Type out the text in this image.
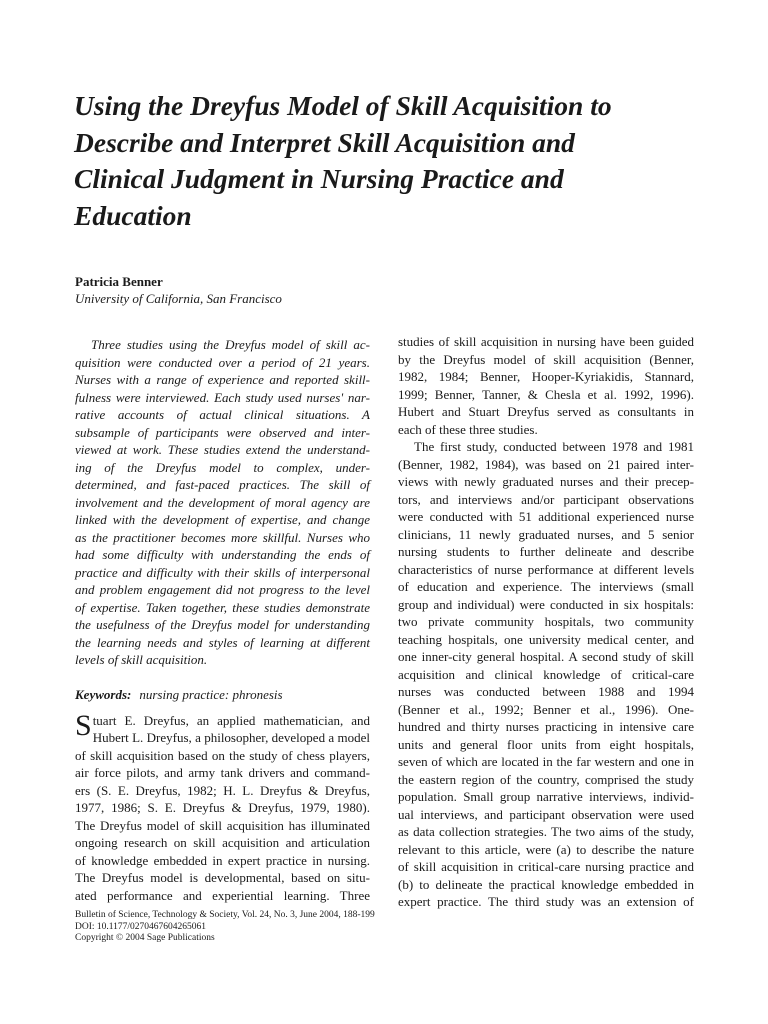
Using the Dreyfus Model of Skill Acquisition to
Describe and Interpret Skill Acquisition and
Clinical Judgment in Nursing Practice and
Education
Patricia Benner
University of California, San Francisco
Three studies using the Dreyfus model of skill ac-
quisition were conducted over a period of 21 years.
Nurses with a range of experience and reported skill-
fulness were interviewed. Each study used nurses' nar-
rative accounts of actual clinical situations. A
subsample of participants were observed and inter-
viewed at work. These studies extend the understand-
ing of the Dreyfus model to complex, under-
determined, and fast-paced practices. The skill of
involvement and the development of moral agency are
linked with the development of expertise, and change
as the practitioner becomes more skillful. Nurses who
had some difficulty with understanding the ends of
practice and difficulty with their skills of interpersonal
and problem engagement did not progress to the level
of expertise. Taken together, these studies demonstrate
the usefulness of the Dreyfus model for understanding
the learning needs and styles of learning at different
levels of skill acquisition.
Keywords: nursing practice: phronesis
Stuart E. Dreyfus, an applied mathematician, and
Hubert L. Dreyfus, a philosopher, developed a model
of skill acquisition based on the study of chess players,
air force pilots, and army tank drivers and command-
ers (S. E. Dreyfus, 1982; H. L. Dreyfus & Dreyfus,
1977, 1986; S. E. Dreyfus & Dreyfus, 1979, 1980).
The Dreyfus model of skill acquisition has illuminated
ongoing research on skill acquisition and articulation
of knowledge embedded in expert practice in nursing.
The Dreyfus model is developmental, based on situ-
ated performance and experiential learning. Three
studies of skill acquisition in nursing have been guided
by the Dreyfus model of skill acquisition (Benner,
1982, 1984; Benner, Hooper-Kyriakidis, Stannard,
1999; Benner, Tanner, & Chesla et al. 1992, 1996).
Hubert and Stuart Dreyfus served as consultants in
each of these three studies.
The first study, conducted between 1978 and 1981
(Benner, 1982, 1984), was based on 21 paired inter-
views with newly graduated nurses and their precep-
tors, and interviews and/or participant observations
were conducted with 51 additional experienced nurse
clinicians, 11 newly graduated nurses, and 5 senior
nursing students to further delineate and describe
characteristics of nurse performance at different levels
of education and experience. The interviews (small
group and individual) were conducted in six hospitals:
two private community hospitals, two community
teaching hospitals, one university medical center, and
one inner-city general hospital. A second study of skill
acquisition and clinical knowledge of critical-care
nurses was conducted between 1988 and 1994
(Benner et al., 1992; Benner et al., 1996). One-
hundred and thirty nurses practicing in intensive care
units and general floor units from eight hospitals,
seven of which are located in the far western and one in
the eastern region of the country, comprised the study
population. Small group narrative interviews, individ-
ual interviews, and participant observation were used
as data collection strategies. The two aims of the study,
relevant to this article, were (a) to describe the nature
of skill acquisition in critical-care nursing practice and
(b) to delineate the practical knowledge embedded in
expert practice. The third study was an extension of
Bulletin of Science, Technology & Society, Vol. 24, No. 3, June 2004, 188-199
DOI: 10.1177/0270467604265061
Copyright © 2004 Sage Publications
